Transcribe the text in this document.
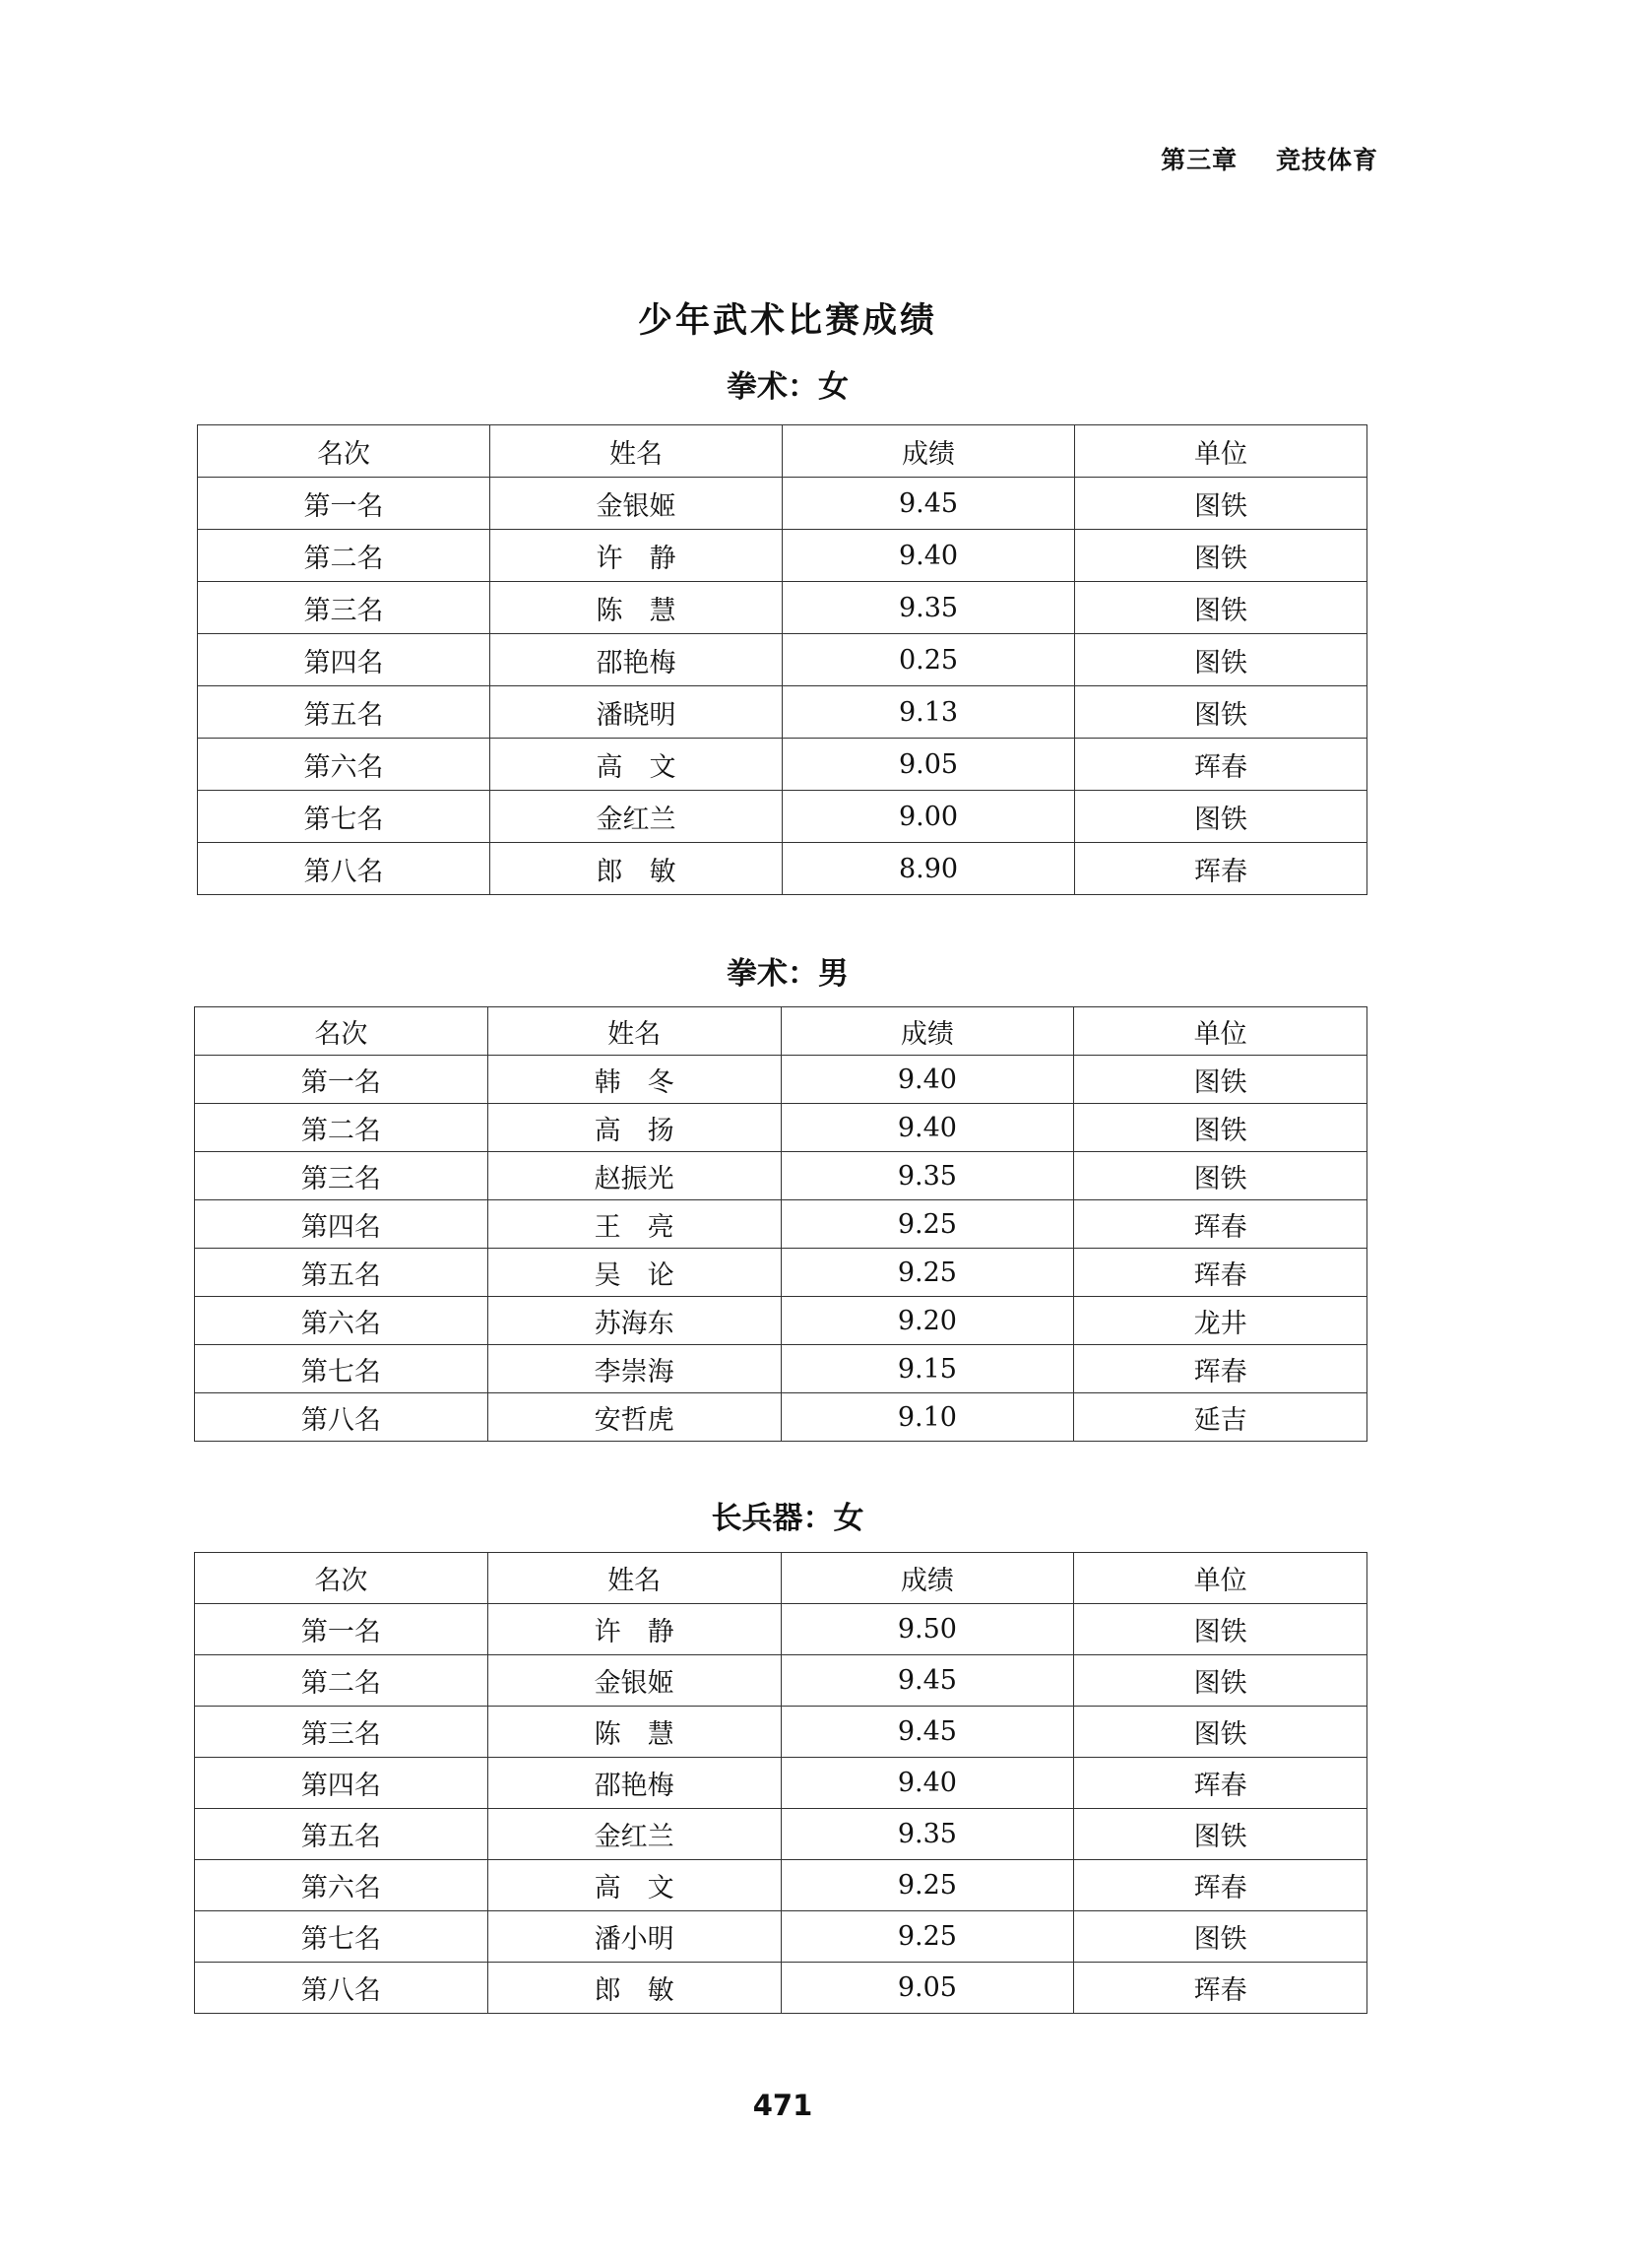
第三章 竞技体育
少年武术比赛成绩
拳术：女
名次	姓名	成绩	单位
第一名	金银姬	9.45	图铁
第二名	许　静	9.40	图铁
第三名	陈　慧	9.35	图铁
第四名	邵艳梅	0.25	图铁
第五名	潘晓明	9.13	图铁
第六名	高　文	9.05	珲春
第七名	金红兰	9.00	图铁
第八名	郎　敏	8.90	珲春
拳术：男
名次	姓名	成绩	单位
第一名	韩　冬	9.40	图铁
第二名	高　扬	9.40	图铁
第三名	赵振光	9.35	图铁
第四名	王　亮	9.25	珲春
第五名	吴　论	9.25	珲春
第六名	苏海东	9.20	龙井
第七名	李崇海	9.15	珲春
第八名	安哲虎	9.10	延吉
长兵器：女
名次	姓名	成绩	单位
第一名	许　静	9.50	图铁
第二名	金银姬	9.45	图铁
第三名	陈　慧	9.45	图铁
第四名	邵艳梅	9.40	珲春
第五名	金红兰	9.35	图铁
第六名	高　文	9.25	珲春
第七名	潘小明	9.25	图铁
第八名	郎　敏	9.05	珲春
471
